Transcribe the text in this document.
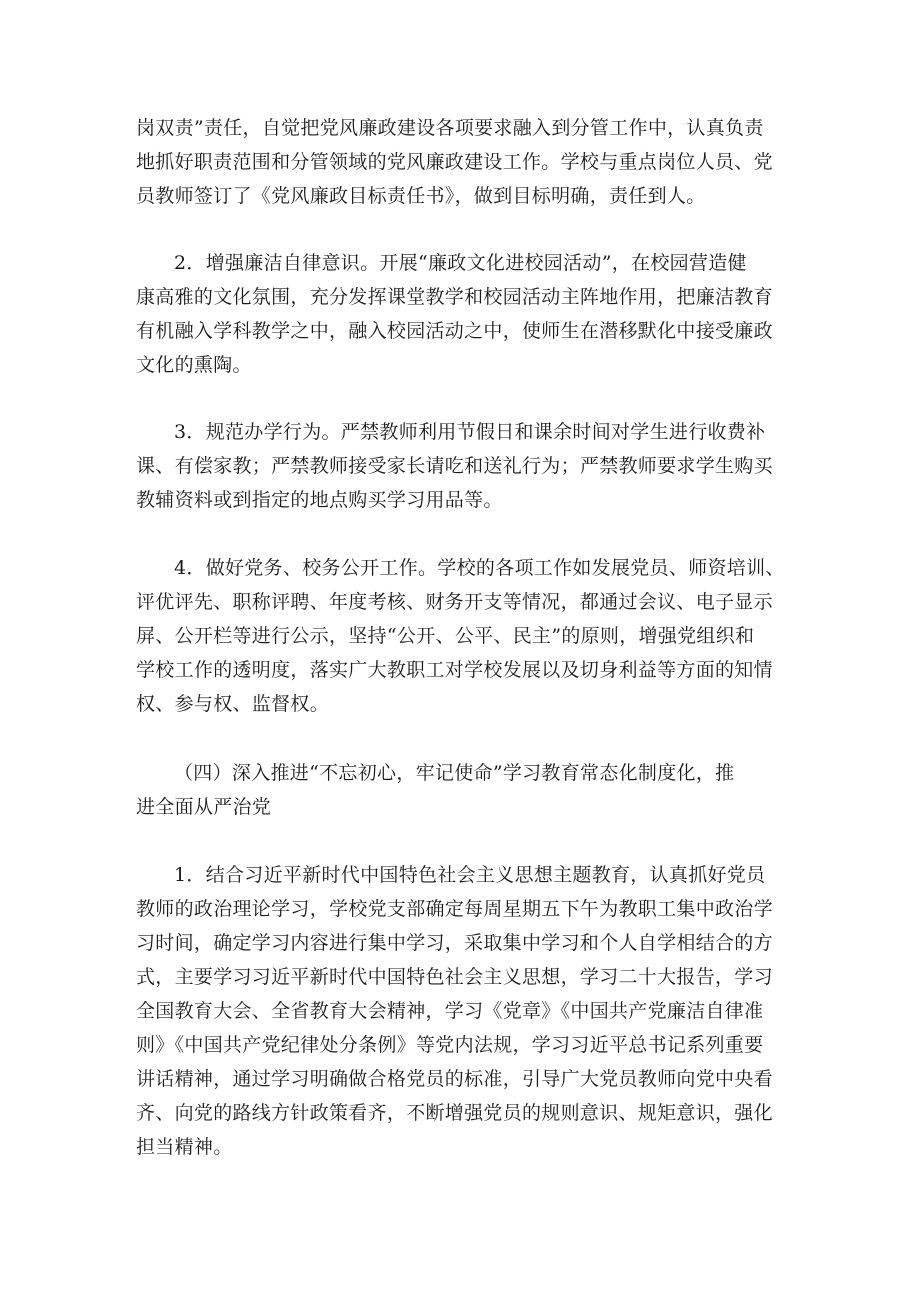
岗双责”责任，自觉把党风廉政建设各项要求融入到分管工作中，认真负责
地抓好职责范围和分管领域的党风廉政建设工作。学校与重点岗位人员、党
员教师签订了《党风廉政目标责任书》，做到目标明确，责任到人。
2．增强廉洁自律意识。开展“廉政文化进校园活动”，在校园营造健
康高雅的文化氛围，充分发挥课堂教学和校园活动主阵地作用，把廉洁教育
有机融入学科教学之中，融入校园活动之中，使师生在潜移默化中接受廉政
文化的熏陶。
3．规范办学行为。严禁教师利用节假日和课余时间对学生进行收费补
课、有偿家教；严禁教师接受家长请吃和送礼行为；严禁教师要求学生购买
教辅资料或到指定的地点购买学习用品等。
4．做好党务、校务公开工作。学校的各项工作如发展党员、师资培训、
评优评先、职称评聘、年度考核、财务开支等情况，都通过会议、电子显示
屏、公开栏等进行公示，坚持“公开、公平、民主”的原则，增强党组织和
学校工作的透明度，落实广大教职工对学校发展以及切身利益等方面的知情
权、参与权、监督权。
（四）深入推进“不忘初心，牢记使命”学习教育常态化制度化，推
进全面从严治党
1．结合习近平新时代中国特色社会主义思想主题教育，认真抓好党员
教师的政治理论学习，学校党支部确定每周星期五下午为教职工集中政治学
习时间，确定学习内容进行集中学习，采取集中学习和个人自学相结合的方
式，主要学习习近平新时代中国特色社会主义思想，学习二十大报告，学习
全国教育大会、全省教育大会精神，学习《党章》《中国共产党廉洁自律准
则》《中国共产党纪律处分条例》等党内法规，学习习近平总书记系列重要
讲话精神，通过学习明确做合格党员的标准，引导广大党员教师向党中央看
齐、向党的路线方针政策看齐，不断增强党员的规则意识、规矩意识，强化
担当精神。
